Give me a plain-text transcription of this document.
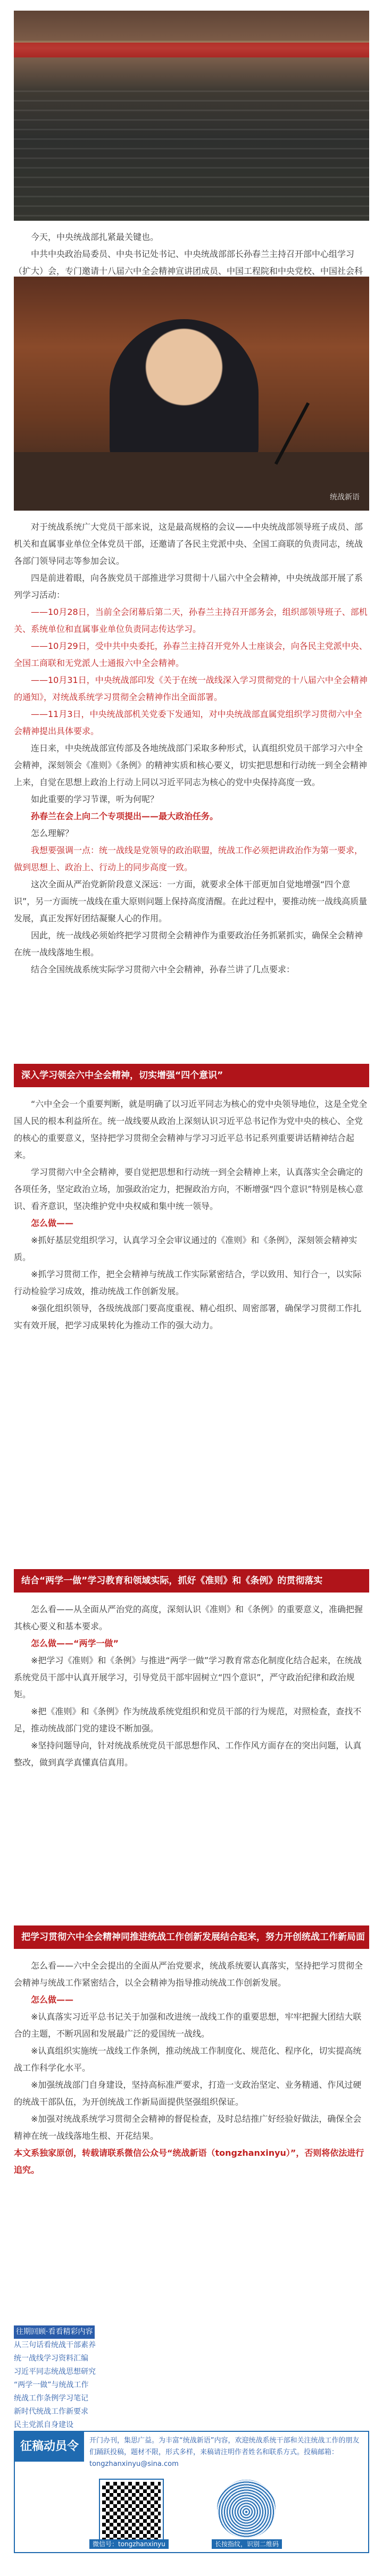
今天，中央统战部扎紧最关键也。

中共中央政治局委员、中央书记处书记、中央统战部部长孙春兰主持召开部中心组学习（扩大）会，专门邀请十八届六中全会精神宣讲团成员、中国工程院和中央党校、中国社会科

统战新语

对于统战系统广大党员干部来说，这是最高规格的会议——中央统战部领导班子成员、部机关和直属事业单位全体党员干部，还邀请了各民主党派中央、全国工商联的负责同志，统战各部门领导同志等参加会议。

四是前进着眼，向各族党员干部推进学习贯彻十八届六中全会精神，中央统战部开展了系列学习活动：

——10月28日，当前全会闭幕后第二天，孙春兰主持召开部务会，组织部领导班子、部机关、系统单位和直属事业单位负责同志传达学习。

——10月29日，受中共中央委托，孙春兰主持召开党外人士座谈会，向各民主党派中央、全国工商联和无党派人士通报六中全会精神。

——10月31日，中央统战部印发《关于在统一战线深入学习贯彻党的十八届六中全会精神的通知》，对统战系统学习贯彻全会精神作出全面部署。

——11月3日，中央统战部机关党委下发通知，对中央统战部直属党组织学习贯彻六中全会精神提出具体要求。

连日来，中央统战部宣传部及各地统战部门采取多种形式，认真组织党员干部学习六中全会精神，深刻领会《准则》《条例》的精神实质和核心要义，切实把思想和行动统一到全会精神上来，自觉在思想上政治上行动上同以习近平同志为核心的党中央保持高度一致。

如此重要的学习节课，听为何呢？

孙春兰在会上向二个专项提出——最大政治任务。

怎么理解？

我想要强调一点：统一战线是党领导的政治联盟，统战工作必须把讲政治作为第一要求，做到思想上、政治上、行动上的同步高度一致。

这次全面从严治党新阶段意义深远：一方面，就要求全体干部更加自觉地增强“四个意识”，另一方面统一战线在重大原则问题上保持高度清醒。在此过程中，要推动统一战线高质量发展，真正发挥好团结凝聚人心的作用。

因此，统一战线必须始终把学习贯彻全会精神作为重要政治任务抓紧抓实，确保全会精神在统一战线落地生根。

结合全国统战系统实际学习贯彻六中全会精神，孙春兰讲了几点要求：

深入学习领会六中全会精神，切实增强“四个意识”

“六中全会一个重要判断，就是明确了以习近平同志为核心的党中央领导地位，这是全党全国人民的根本利益所在。统一战线要从政治上深刻认识习近平总书记作为党中央的核心、全党的核心的重要意义，坚持把学习贯彻全会精神与学习习近平总书记系列重要讲话精神结合起来。

学习贯彻六中全会精神，要自觉把思想和行动统一到全会精神上来，认真落实全会确定的各项任务，坚定政治立场，加强政治定力，把握政治方向，不断增强“四个意识”特别是核心意识、看齐意识，坚决维护党中央权威和集中统一领导。

怎么做——

※抓好基层党组织学习，认真学习全会审议通过的《准则》和《条例》，深刻领会精神实质。

※抓学习贯彻工作，把全会精神与统战工作实际紧密结合，学以致用、知行合一，以实际行动检验学习成效，推动统战工作创新发展。

※强化组织领导，各级统战部门要高度重视、精心组织、周密部署，确保学习贯彻工作扎实有效开展，把学习成果转化为推动工作的强大动力。

结合“两学一做”学习教育和领域实际，抓好《准则》和《条例》的贯彻落实

怎么看——从全面从严治党的高度，深刻认识《准则》和《条例》的重要意义，准确把握其核心要义和基本要求。

怎么做——“两学一做”

※把学习《准则》和《条例》与推进“两学一做”学习教育常态化制度化结合起来，在统战系统党员干部中认真开展学习，引导党员干部牢固树立“四个意识”，严守政治纪律和政治规矩。

※把《准则》和《条例》作为统战系统党组织和党员干部的行为规范，对照检查，查找不足，推动统战部门党的建设不断加强。

※坚持问题导向，针对统战系统党员干部思想作风、工作作风方面存在的突出问题，认真整改，做到真学真懂真信真用。

把学习贯彻六中全会精神同推进统战工作创新发展结合起来，努力开创统战工作新局面

怎么看——六中全会提出的全面从严治党要求，统战系统要认真落实，坚持把学习贯彻全会精神与统战工作紧密结合，以全会精神为指导推动统战工作创新发展。

怎么做——

※认真落实习近平总书记关于加强和改进统一战线工作的重要思想，牢牢把握大团结大联合的主题，不断巩固和发展最广泛的爱国统一战线。

※认真组织实施统一战线工作条例，推动统战工作制度化、规范化、程序化，切实提高统战工作科学化水平。

※加强统战部门自身建设，坚持高标准严要求，打造一支政治坚定、业务精通、作风过硬的统战干部队伍，为开创统战工作新局面提供坚强组织保证。

※加强对统战系统学习贯彻全会精神的督促检查，及时总结推广好经验好做法，确保全会精神在统一战线落地生根、开花结果。

本文系独家原创，转载请联系微信公众号“统战新语（tongzhanxinyu）”，否则将依法进行追究。

往期回顾·看看精彩内容
从三句话看统战干部素养
统一战线学习资料汇编
习近平同志统战思想研究
“两学一做”与统战工作
统战工作条例学习笔记
新时代统战工作新要求
民主党派自身建设
征稿动员令	开门办刊，集思广益。为丰富“统战新语”内容，欢迎统战系统干部和关注统战工作的朋友们踊跃投稿，题材不限，形式多样，来稿请注明作者姓名和联系方式。投稿邮箱：tongzhanxinyu@sina.com
微信号：tongzhanxinyu	长按指纹，识别二维码
